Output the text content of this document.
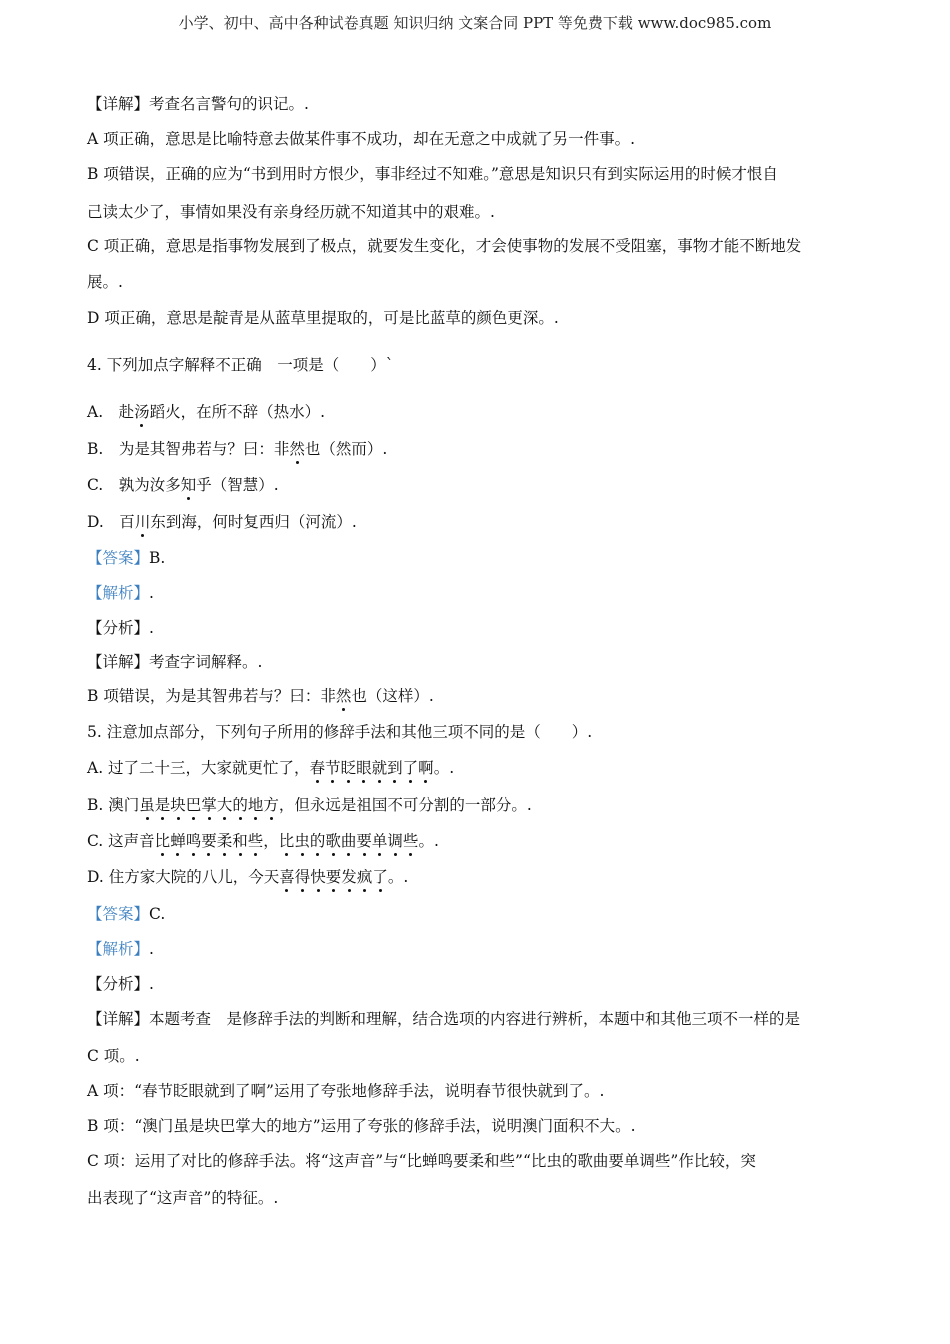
小学、初中、高中各种试卷真题 知识归纳 文案合同 PPT 等免费下载 www.doc985.com
【详解】考查名言警句的识记。.
A 项正确，意思是比喻特意去做某件事不成功，却在无意之中成就了另一件事。.
B 项错误，正确的应为“书到用时方恨少，事非经过不知难。”意思是知识只有到实际运用的时候才恨自
己读太少了，事情如果没有亲身经历就不知道其中的艰难。.
C 项正确，意思是指事物发展到了极点，就要发生变化，才会使事物的发展不受阻塞，事物才能不断地发
展。.
D 项正确，意思是靛青是从蓝草里提取的，可是比蓝草的颜色更深。.
4. 下列加点字解释不正确　一项是（　　）`
A.　赴汤蹈火，在所不辞（热水）.
B.　为是其智弗若与？曰：非然也（然而）.
C.　孰为汝多知乎（智慧）.
D.　百川东到海，何时复西归（河流）.
【答案】B.
【解析】.
【分析】.
【详解】考查字词解释。.
B 项错误，为是其智弗若与？曰：非然也（这样）.
5. 注意加点部分，下列句子所用的修辞手法和其他三项不同的是（　　）.
A. 过了二十三，大家就更忙了，春节眨眼就到了啊。.
B. 澳门虽是块巴掌大的地方，但永远是祖国不可分割的一部分。.
C. 这声音比蝉鸣要柔和些，比虫的歌曲要单调些。.
D. 住方家大院的八儿，今天喜得快要发疯了。.
【答案】C.
【解析】.
【分析】.
【详解】本题考查　是修辞手法的判断和理解，结合选项的内容进行辨析，本题中和其他三项不一样的是
C 项。.
A 项：“春节眨眼就到了啊”运用了夸张地修辞手法，说明春节很快就到了。.
B 项：“澳门虽是块巴掌大的地方”运用了夸张的修辞手法，说明澳门面积不大。.
C 项：运用了对比的修辞手法。将“这声音”与“比蝉鸣要柔和些”“比虫的歌曲要单调些”作比较，突
出表现了“这声音”的特征。.
